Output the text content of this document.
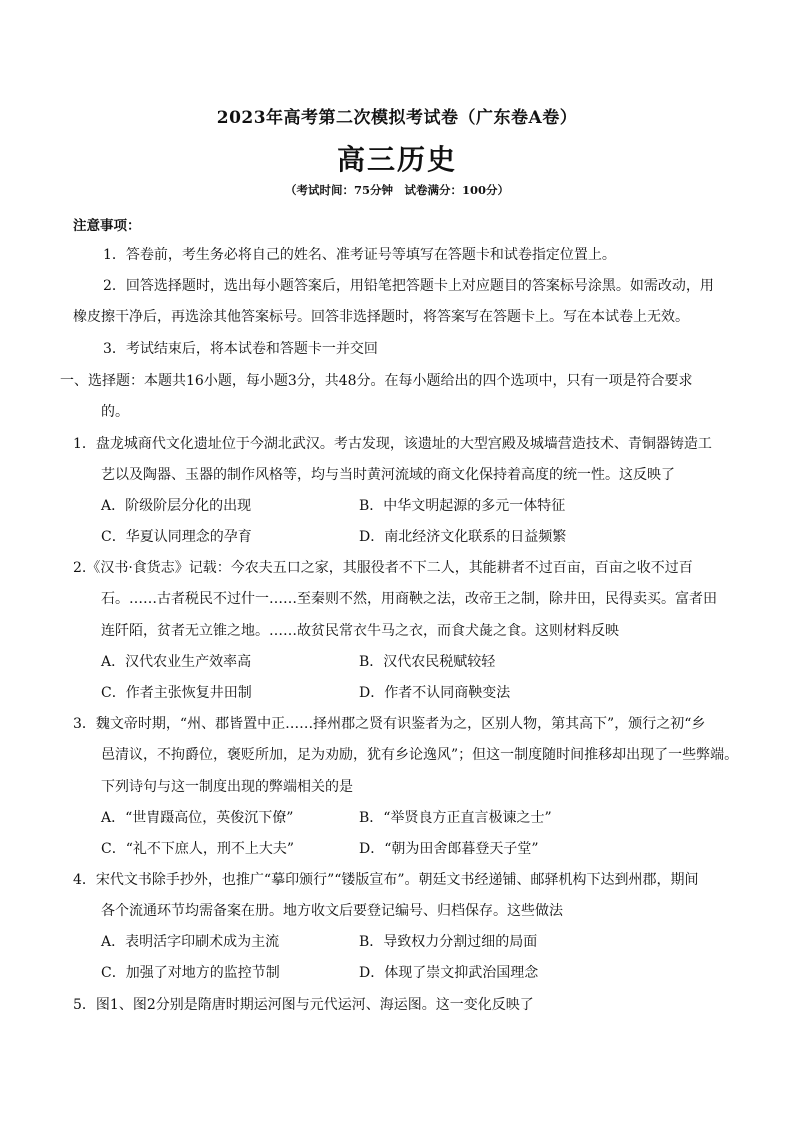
2023年高考第二次模拟考试卷（广东卷A卷）
高三历史
（考试时间：75分钟　试卷满分：100分）
注意事项：
1．答卷前，考生务必将自己的姓名、准考证号等填写在答题卡和试卷指定位置上。
2．回答选择题时，选出每小题答案后，用铅笔把答题卡上对应题目的答案标号涂黑。如需改动，用
橡皮擦干净后，再选涂其他答案标号。回答非选择题时，将答案写在答题卡上。写在本试卷上无效。
3．考试结束后，将本试卷和答题卡一并交回
一、选择题：本题共16小题，每小题3分，共48分。在每小题给出的四个选项中，只有一项是符合要求
的。
1．盘龙城商代文化遗址位于今湖北武汉。考古发现，该遗址的大型宫殿及城墙营造技术、青铜器铸造工
艺以及陶器、玉器的制作风格等，均与当时黄河流域的商文化保持着高度的统一性。这反映了
A．阶级阶层分化的出现	B．中华文明起源的多元一体特征
C．华夏认同理念的孕育	D．南北经济文化联系的日益频繁
2.《汉书·食货志》记载：今农夫五口之家，其服役者不下二人，其能耕者不过百亩，百亩之收不过百
石。……古者税民不过什一……至秦则不然，用商鞅之法，改帝王之制，除井田，民得卖买。富者田
连阡陌，贫者无立锥之地。……故贫民常衣牛马之衣，而食犬彘之食。这则材料反映
A．汉代农业生产效率高	B．汉代农民税赋较轻
C．作者主张恢复井田制	D．作者不认同商鞅变法
3．魏文帝时期，“州、郡皆置中正……择州郡之贤有识鉴者为之，区别人物，第其高下”，颁行之初“乡
邑清议，不拘爵位，褒贬所加，足为劝励，犹有乡论逸风”；但这一制度随时间推移却出现了一些弊端。
下列诗句与这一制度出现的弊端相关的是
A．“世胄蹑高位，英俊沉下僚”	B．“举贤良方正直言极谏之士”
C．“礼不下庶人，刑不上大夫”	D．“朝为田舍郎暮登天子堂”
4．宋代文书除手抄外，也推广“摹印颁行”“镂版宣布”。朝廷文书经递铺、邮驿机构下达到州郡，期间
各个流通环节均需备案在册。地方收文后要登记编号、归档保存。这些做法
A．表明活字印刷术成为主流	B．导致权力分割过细的局面
C．加强了对地方的监控节制	D．体现了崇文抑武治国理念
5．图1、图2分别是隋唐时期运河图与元代运河、海运图。这一变化反映了
